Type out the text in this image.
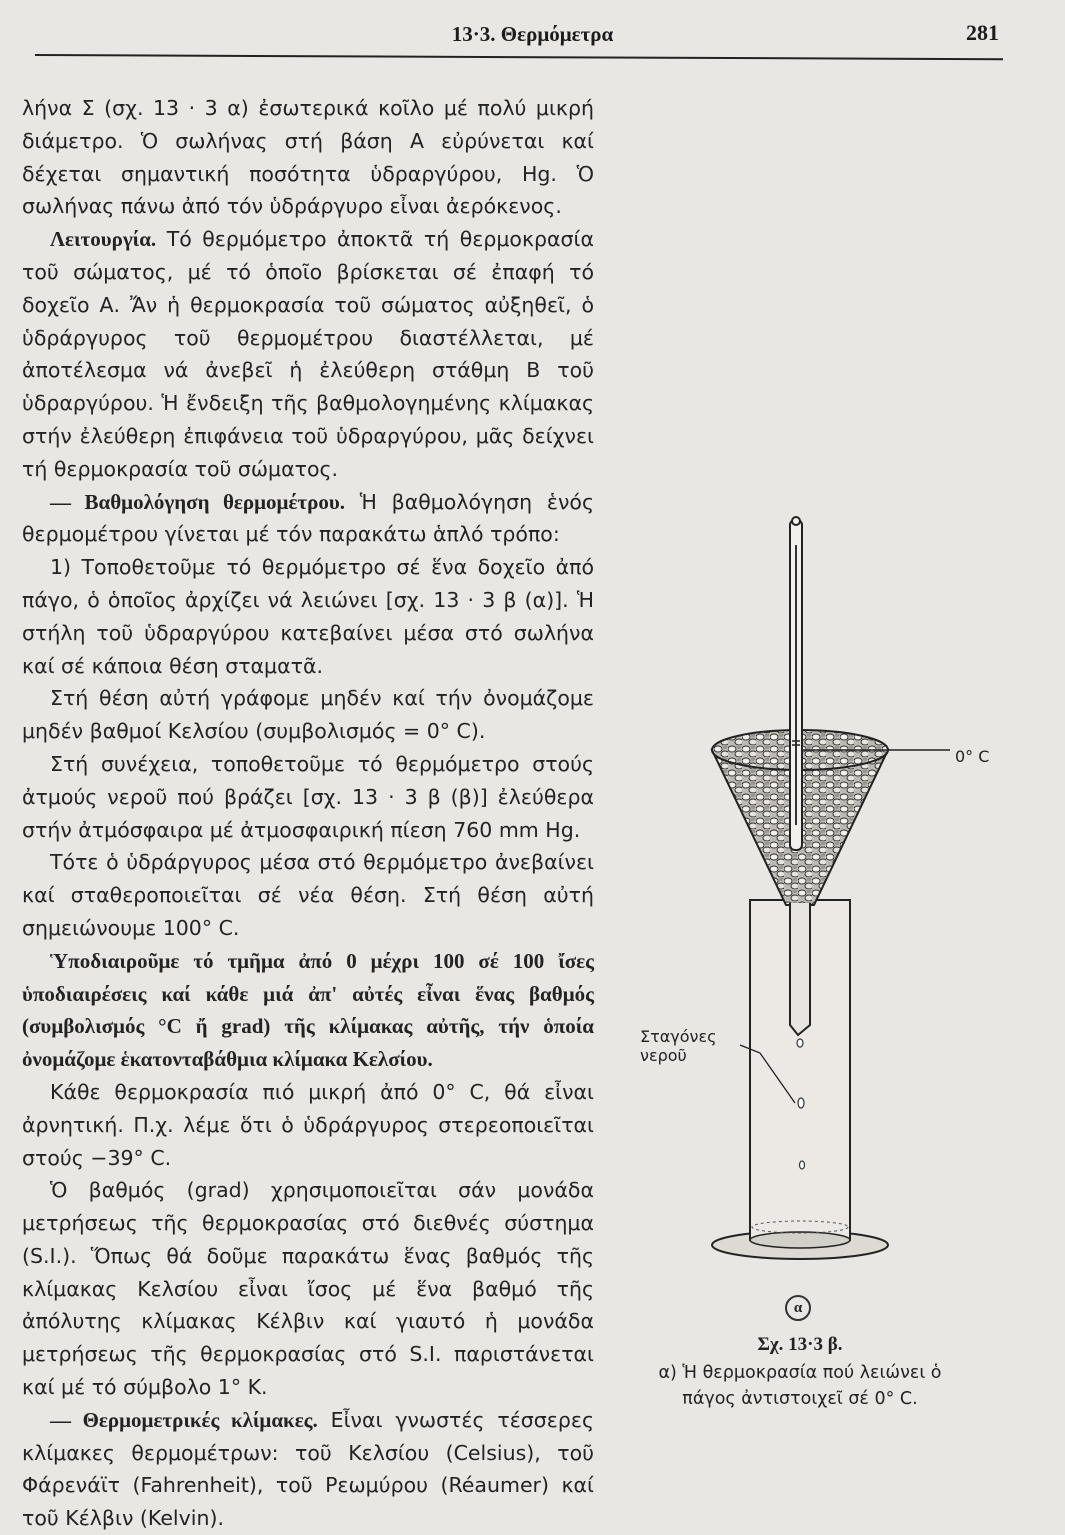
13·3. Θερμόμετρα	281

λήνα Σ (σχ. 13 · 3 α) ἐσωτερικά κοῖλο μέ πολύ μικρή διάμετρο. Ὁ σωλήνας στή βάση Α εὐρύνεται καί δέχεται σημαντική ποσότητα ὑδραργύρου, Hg. Ὁ σωλήνας πάνω ἀπό τόν ὑδράργυρο εἶναι ἀερόκενος.

Λειτουργία. Τό θερμόμετρο ἀποκτᾶ τή θερμοκρασία τοῦ σώματος, μέ τό ὁποῖο βρίσκεται σέ ἐπαφή τό δοχεῖο Α. Ἄν ἡ θερμοκρασία τοῦ σώματος αὐξηθεῖ, ὁ ὑδράργυρος τοῦ θερμομέτρου διαστέλλεται, μέ ἀποτέλεσμα νά ἀνεβεῖ ἡ ἐλεύθερη στάθμη Β τοῦ ὑδραργύρου. Ἡ ἔνδειξη τῆς βαθμολογημένης κλίμακας στήν ἐλεύθερη ἐπιφάνεια τοῦ ὑδραργύρου, μᾶς δείχνει τή θερμοκρασία τοῦ σώματος.

— Βαθμολόγηση θερμομέτρου. Ἡ βαθμολόγηση ἑνός θερμομέτρου γίνεται μέ τόν παρακάτω ἁπλό τρόπο:

1) Τοποθετοῦμε τό θερμόμετρο σέ ἕνα δοχεῖο ἀπό πάγο, ὁ ὁποῖος ἀρχίζει νά λειώνει [σχ. 13 · 3 β (α)]. Ἡ στήλη τοῦ ὑδραργύρου κατεβαίνει μέσα στό σωλήνα καί σέ κάποια θέση σταματᾶ.

Στή θέση αὐτή γράφομε μηδέν καί τήν ὀνομάζομε μηδέν βαθμοί Κελσίου (συμβολισμός = 0° C).

Στή συνέχεια, τοποθετοῦμε τό θερμόμετρο στούς ἀτμούς νεροῦ πού βράζει [σχ. 13 · 3 β (β)] ἐλεύθερα στήν ἀτμόσφαιρα μέ ἀτμοσφαιρική πίεση 760 mm Hg.

Τότε ὁ ὑδράργυρος μέσα στό θερμόμετρο ἀνεβαίνει καί σταθεροποιεῖται σέ νέα θέση. Στή θέση αὐτή σημειώνουμε 100° C.

Ὑποδιαιροῦμε τό τμῆμα ἀπό 0 μέχρι 100 σέ 100 ἴσες ὑποδιαιρέσεις καί κάθε μιά ἀπ' αὐτές εἶναι ἕνας βαθμός (συμβολισμός °C ἤ grad) τῆς κλίμακας αὐτῆς, τήν ὁποία ὀνομάζομε ἑκατονταβάθμια κλίμακα Κελσίου.

Κάθε θερμοκρασία πιό μικρή ἀπό 0° C, θά εἶναι ἀρνητική. Π.χ. λέμε ὅτι ὁ ὑδράργυρος στερεοποιεῖται στούς −39° C.

Ὁ βαθμός (grad) χρησιμοποιεῖται σάν μονάδα μετρήσεως τῆς θερμοκρασίας στό διεθνές σύστημα (S.I.). Ὅπως θά δοῦμε παρακάτω ἕνας βαθμός τῆς κλίμακας Κελσίου εἶναι ἴσος μέ ἕνα βαθμό τῆς ἀπόλυτης κλίμακας Κέλβιν καί γιαυτό ἡ μονάδα μετρήσεως τῆς θερμοκρασίας στό S.I. παριστάνεται καί μέ τό σύμβολο 1° K.

— Θερμομετρικές κλίμακες. Εἶναι γνωστές τέσσερες κλίμακες θερμομέτρων: τοῦ Κελσίου (Celsius), τοῦ Φάρενάϊτ (Fahrenheit), τοῦ Ρεωμύρου (Réaumer) καί τοῦ Κέλβιν (Kelvin).

0° C
Σταγόνες
νεροῦ
α
Σχ. 13·3 β.
α) Ἡ θερμοκρασία πού λειώνει ὁ
πάγος ἀντιστοιχεῖ σέ 0° C.
